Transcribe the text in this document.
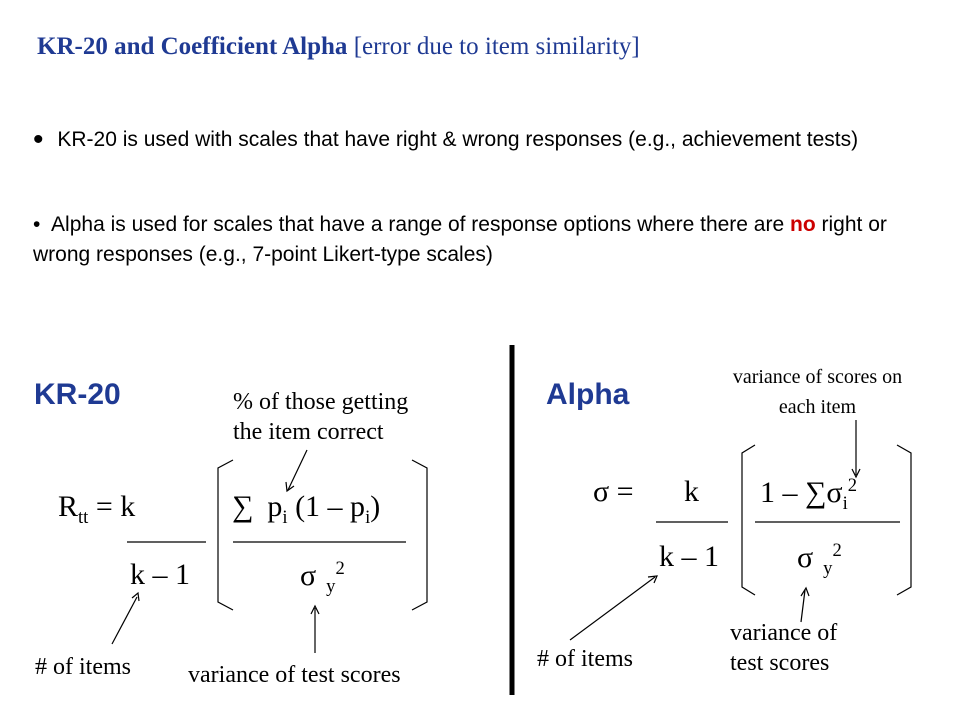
KR-20 and Coefficient Alpha [error due to item similarity]
• KR-20 is used with scales that have right & wrong responses (e.g., achievement tests)
• Alpha is used for scales that have a range of response options where there are no right or wrong responses (e.g., 7-point Likert-type scales)
KR-20	% of those getting
the item correct
$R_{tt} = k$	∑ $p_i$ $(1 - p_i)$
k – 1	σ $_y^2$
# of items variance of test scores
Alpha
variance of scores on
each item
σ = k $1 - \sum\sigma_i^2$
k – 1	σ $_y^2$
# of items
variance of
test scores
